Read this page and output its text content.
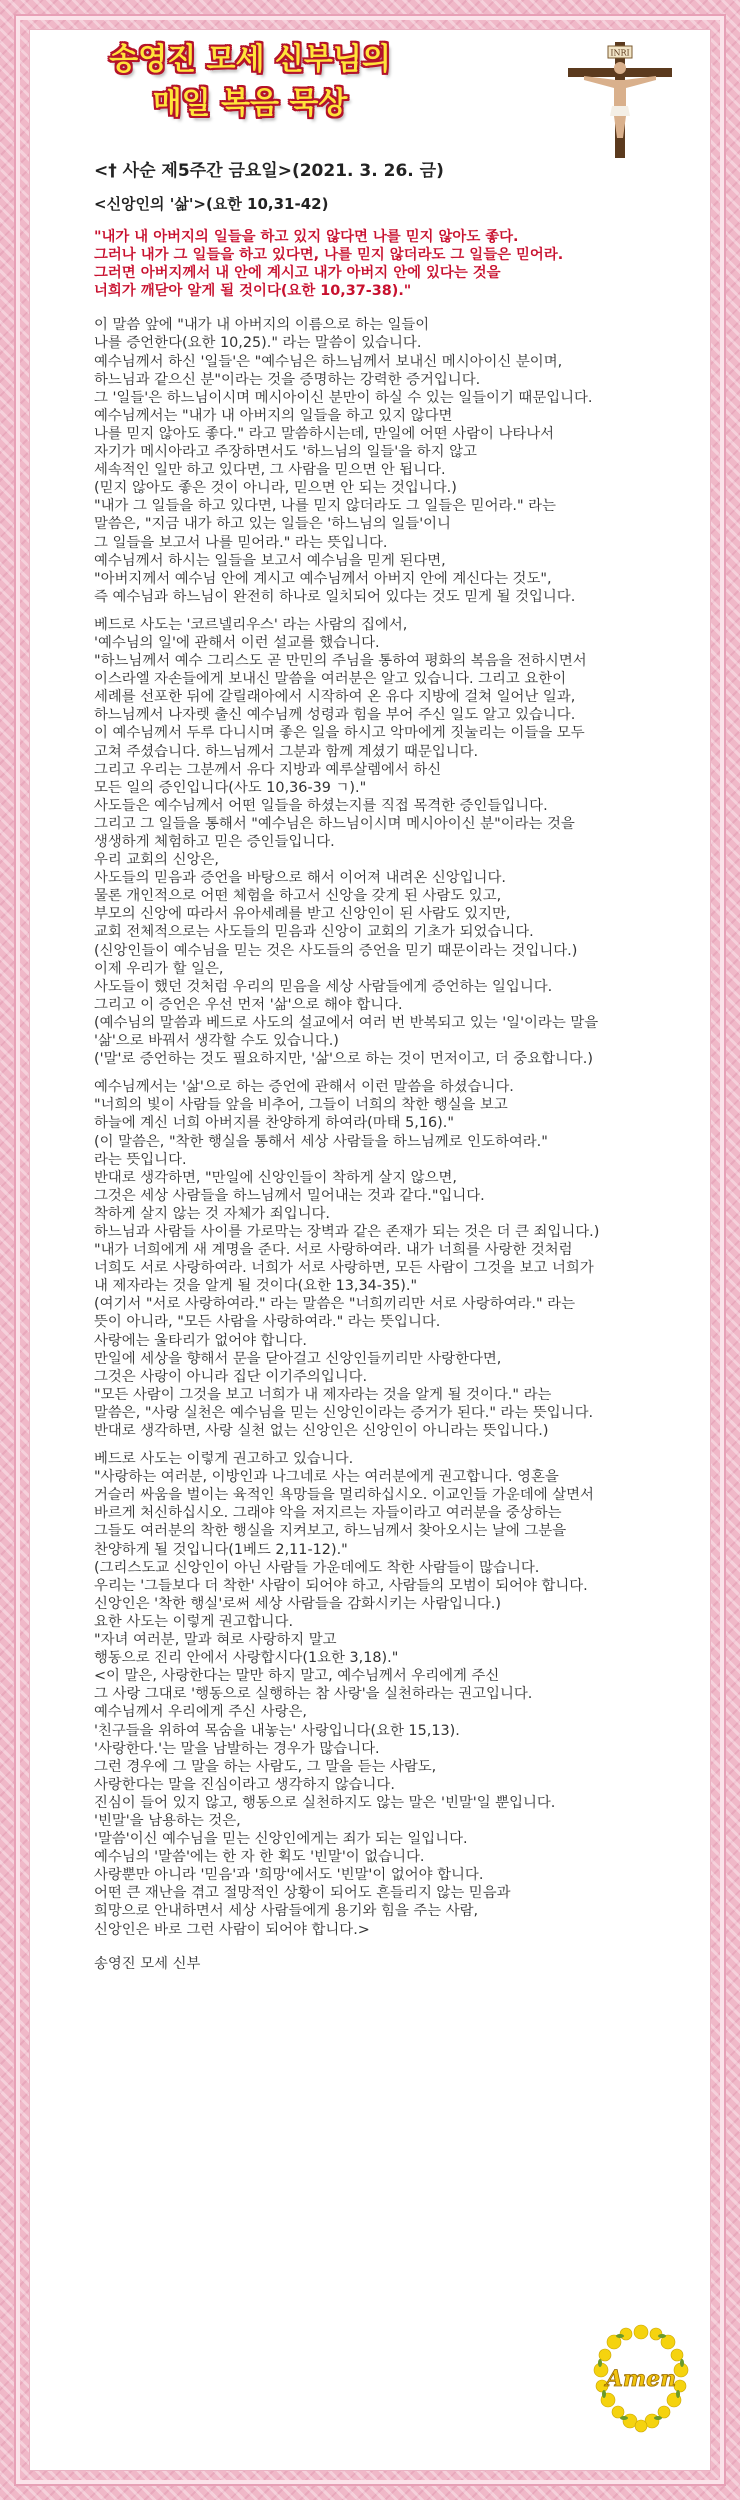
송영진 모세 신부님의
매일 복음 묵상
INRI

<† 사순 제5주간 금요일>(2021. 3. 26. 금)

<신앙인의 '삶'>(요한 10,31-42)

"내가 내 아버지의 일들을 하고 있지 않다면 나를 믿지 않아도 좋다.

그러나 내가 그 일들을 하고 있다면, 나를 믿지 않더라도 그 일들은 믿어라.

그러면 아버지께서 내 안에 계시고 내가 아버지 안에 있다는 것을

너희가 깨닫아 알게 될 것이다(요한 10,37-38)."

이 말씀 앞에 "내가 내 아버지의 이름으로 하는 일들이

나를 증언한다(요한 10,25)." 라는 말씀이 있습니다.

예수님께서 하신 '일들'은 "예수님은 하느님께서 보내신 메시아이신 분이며,

하느님과 같으신 분"이라는 것을 증명하는 강력한 증거입니다.

그 '일들'은 하느님이시며 메시아이신 분만이 하실 수 있는 일들이기 때문입니다.

예수님께서는 "내가 내 아버지의 일들을 하고 있지 않다면

나를 믿지 않아도 좋다." 라고 말씀하시는데, 만일에 어떤 사람이 나타나서

자기가 메시아라고 주장하면서도 '하느님의 일들'을 하지 않고

세속적인 일만 하고 있다면, 그 사람을 믿으면 안 됩니다.

(믿지 않아도 좋은 것이 아니라, 믿으면 안 되는 것입니다.)

"내가 그 일들을 하고 있다면, 나를 믿지 않더라도 그 일들은 믿어라." 라는

말씀은, "지금 내가 하고 있는 일들은 '하느님의 일들'이니

그 일들을 보고서 나를 믿어라." 라는 뜻입니다.

예수님께서 하시는 일들을 보고서 예수님을 믿게 된다면,

"아버지께서 예수님 안에 계시고 예수님께서 아버지 안에 계신다는 것도",

즉 예수님과 하느님이 완전히 하나로 일치되어 있다는 것도 믿게 될 것입니다.

베드로 사도는 '코르넬리우스' 라는 사람의 집에서,

'예수님의 일'에 관해서 이런 설교를 했습니다.

"하느님께서 예수 그리스도 곧 만민의 주님을 통하여 평화의 복음을 전하시면서

이스라엘 자손들에게 보내신 말씀을 여러분은 알고 있습니다. 그리고 요한이

세례를 선포한 뒤에 갈릴래아에서 시작하여 온 유다 지방에 걸쳐 일어난 일과,

하느님께서 나자렛 출신 예수님께 성령과 힘을 부어 주신 일도 알고 있습니다.

이 예수님께서 두루 다니시며 좋은 일을 하시고 악마에게 짓눌리는 이들을 모두

고쳐 주셨습니다. 하느님께서 그분과 함께 계셨기 때문입니다.

그리고 우리는 그분께서 유다 지방과 예루살렘에서 하신

모든 일의 증인입니다(사도 10,36-39 ㄱ)."

사도들은 예수님께서 어떤 일들을 하셨는지를 직접 목격한 증인들입니다.

그리고 그 일들을 통해서 "예수님은 하느님이시며 메시아이신 분"이라는 것을

생생하게 체험하고 믿은 증인들입니다.

우리 교회의 신앙은,

사도들의 믿음과 증언을 바탕으로 해서 이어져 내려온 신앙입니다.

물론 개인적으로 어떤 체험을 하고서 신앙을 갖게 된 사람도 있고,

부모의 신앙에 따라서 유아세례를 받고 신앙인이 된 사람도 있지만,

교회 전체적으로는 사도들의 믿음과 신앙이 교회의 기초가 되었습니다.

(신앙인들이 예수님을 믿는 것은 사도들의 증언을 믿기 때문이라는 것입니다.)

이제 우리가 할 일은,

사도들이 했던 것처럼 우리의 믿음을 세상 사람들에게 증언하는 일입니다.

그리고 이 증언은 우선 먼저 '삶'으로 해야 합니다.

(예수님의 말씀과 베드로 사도의 설교에서 여러 번 반복되고 있는 '일'이라는 말을

'삶'으로 바꿔서 생각할 수도 있습니다.)

('말'로 증언하는 것도 필요하지만, '삶'으로 하는 것이 먼저이고, 더 중요합니다.)

예수님께서는 '삶'으로 하는 증언에 관해서 이런 말씀을 하셨습니다.

"너희의 빛이 사람들 앞을 비추어, 그들이 너희의 착한 행실을 보고

하늘에 계신 너희 아버지를 찬양하게 하여라(마태 5,16)."

(이 말씀은, "착한 행실을 통해서 세상 사람들을 하느님께로 인도하여라."

라는 뜻입니다.

반대로 생각하면, "만일에 신앙인들이 착하게 살지 않으면,

그것은 세상 사람들을 하느님께서 밀어내는 것과 같다."입니다.

착하게 살지 않는 것 자체가 죄입니다.

하느님과 사람들 사이를 가로막는 장벽과 같은 존재가 되는 것은 더 큰 죄입니다.)

"내가 너희에게 새 계명을 준다. 서로 사랑하여라. 내가 너희를 사랑한 것처럼

너희도 서로 사랑하여라. 너희가 서로 사랑하면, 모든 사람이 그것을 보고 너희가

내 제자라는 것을 알게 될 것이다(요한 13,34-35)."

(여기서 "서로 사랑하여라." 라는 말씀은 "너희끼리만 서로 사랑하여라." 라는

뜻이 아니라, "모든 사람을 사랑하여라." 라는 뜻입니다.

사랑에는 울타리가 없어야 합니다.

만일에 세상을 향해서 문을 닫아걸고 신앙인들끼리만 사랑한다면,

그것은 사랑이 아니라 집단 이기주의입니다.

"모든 사람이 그것을 보고 너희가 내 제자라는 것을 알게 될 것이다." 라는

말씀은, "사랑 실천은 예수님을 믿는 신앙인이라는 증거가 된다." 라는 뜻입니다.

반대로 생각하면, 사랑 실천 없는 신앙인은 신앙인이 아니라는 뜻입니다.)

베드로 사도는 이렇게 권고하고 있습니다.

"사랑하는 여러분, 이방인과 나그네로 사는 여러분에게 권고합니다. 영혼을

거슬러 싸움을 벌이는 육적인 욕망들을 멀리하십시오. 이교인들 가운데에 살면서

바르게 처신하십시오. 그래야 악을 저지르는 자들이라고 여러분을 중상하는

그들도 여러분의 착한 행실을 지켜보고, 하느님께서 찾아오시는 날에 그분을

찬양하게 될 것입니다(1베드 2,11-12)."

(그리스도교 신앙인이 아닌 사람들 가운데에도 착한 사람들이 많습니다.

우리는 '그들보다 더 착한' 사람이 되어야 하고, 사람들의 모범이 되어야 합니다.

신앙인은 '착한 행실'로써 세상 사람들을 감화시키는 사람입니다.)

요한 사도는 이렇게 권고합니다.

"자녀 여러분, 말과 혀로 사랑하지 말고

행동으로 진리 안에서 사랑합시다(1요한 3,18)."

<이 말은, 사랑한다는 말만 하지 말고, 예수님께서 우리에게 주신

그 사랑 그대로 '행동으로 실행하는 참 사랑'을 실천하라는 권고입니다.

예수님께서 우리에게 주신 사랑은,

'친구들을 위하여 목숨을 내놓는' 사랑입니다(요한 15,13).

'사랑한다.'는 말을 남발하는 경우가 많습니다.

그런 경우에 그 말을 하는 사람도, 그 말을 듣는 사람도,

사랑한다는 말을 진심이라고 생각하지 않습니다.

진심이 들어 있지 않고, 행동으로 실천하지도 않는 말은 '빈말'일 뿐입니다.

'빈말'을 남용하는 것은,

'말씀'이신 예수님을 믿는 신앙인에게는 죄가 되는 일입니다.

예수님의 '말씀'에는 한 자 한 획도 '빈말'이 없습니다.

사랑뿐만 아니라 '믿음'과 '희망'에서도 '빈말'이 없어야 합니다.

어떤 큰 재난을 겪고 절망적인 상황이 되어도 흔들리지 않는 믿음과

희망으로 안내하면서 세상 사람들에게 용기와 힘을 주는 사람,

신앙인은 바로 그런 사람이 되어야 합니다.>

송영진 모세 신부

Amen
